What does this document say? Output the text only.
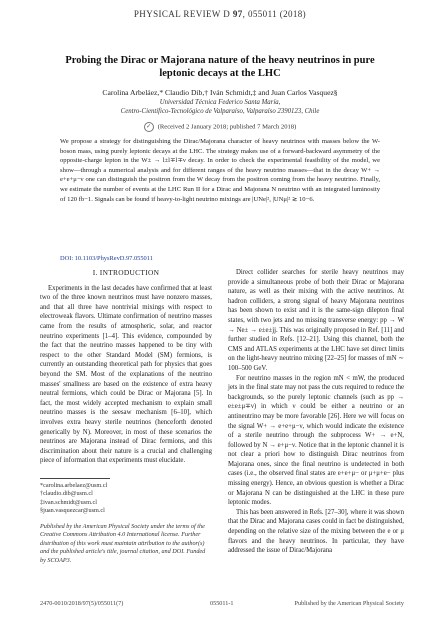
PHYSICAL REVIEW D 97, 055011 (2018)
Probing the Dirac or Majorana nature of the heavy neutrinos in pure leptonic decays at the LHC
Carolina Arbeláez,* Claudio Dib,† Iván Schmidt,‡ and Juan Carlos Vasquez§
Universidad Técnica Federico Santa María,
Centro-Científico-Tecnológico de Valparaíso, Valparaíso 2390123, Chile
✓ (Received 2 January 2018; published 7 March 2018)
We propose a strategy for distinguishing the Dirac/Majorana character of heavy neutrinos with masses below the W-boson mass, using purely leptonic decays at the LHC. The strategy makes use of a forward-backward asymmetry of the opposite-charge lepton in the W± → l±l∓l∓ν decay. In order to check the experimental feasibility of the model, we show—through a numerical analysis and for different ranges of the heavy neutrino masses—that in the decay W+ → e+e+μ−ν one can distinguish the positron from the W decay from the positron coming from the heavy neutrino. Finally, we estimate the number of events at the LHC Run II for a Dirac and Majorana N neutrino with an integrated luminosity of 120 fb−1. Signals can be found if heavy-to-light neutrino mixings are |UNe|², |UNμ|² ≳ 10−6.
DOI: 10.1103/PhysRevD.97.055011
I. INTRODUCTION

Experiments in the last decades have confirmed that at least two of the three known neutrinos must have nonzero masses, and that all three have nontrivial mixings with respect to electroweak flavors. Ultimate confirmation of neutrino masses came from the results of atmospheric, solar, and reactor neutrino experiments [1–4]. This evidence, compounded by the fact that the neutrino masses happened to be tiny with respect to the other Standard Model (SM) fermions, is currently an outstanding theoretical path for physics that goes beyond the SM. Most of the explanations of the neutrino masses' smallness are based on the existence of extra heavy neutral fermions, which could be Dirac or Majorana [5]. In fact, the most widely accepted mechanism to explain small neutrino masses is the seesaw mechanism [6–10], which involves extra heavy sterile neutrinos (henceforth denoted generically by N). Moreover, in most of these scenarios the neutrinos are Majorana instead of Dirac fermions, and this discrimination about their nature is a crucial and challenging piece of information that experiments must elucidate.

*carolina.arbelaez@usm.cl
†claudio.dib@usm.cl
‡ivan.schmidt@usm.cl
§juan.vasquezcar@usm.cl
Published by the American Physical Society under the terms of the Creative Commons Attribution 4.0 International license. Further distribution of this work must maintain attribution to the author(s) and the published article's title, journal citation, and DOI. Funded by SCOAP3.

Direct collider searches for sterile heavy neutrinos may provide a simultaneous probe of both their Dirac or Majorana nature, as well as their mixing with the active neutrinos. At hadron colliders, a strong signal of heavy Majorana neutrinos has been shown to exist and it is the same-sign dilepton final states, with two jets and no missing transverse energy: pp → W → Ne± → e±e±jj. This was originally proposed in Ref. [11] and further studied in Refs. [12–21]. Using this channel, both the CMS and ATLAS experiments at the LHC have set direct limits on the light-heavy neutrino mixing [22–25] for masses of mN ∼ 100–500 GeV.

For neutrino masses in the region mN < mW, the produced jets in the final state may not pass the cuts required to reduce the backgrounds, so the purely leptonic channels (such as pp → e±e±μ∓ν) in which ν could be either a neutrino or an antineutrino may be more favorable [26]. Here we will focus on the signal W+ → e+e+μ−ν, which would indicate the existence of a sterile neutrino through the subprocess W+ → e+N, followed by N → e+μ−ν. Notice that in the leptonic channel it is not clear a priori how to distinguish Dirac neutrinos from Majorana ones, since the final neutrino is undetected in both cases (i.e., the observed final states are e+e+μ− or μ+μ+e− plus missing energy). Hence, an obvious question is whether a Dirac or Majorana N can be distinguished at the LHC in these pure leptonic modes.

This has been answered in Refs. [27–30], where it was shown that the Dirac and Majorana cases could in fact be distinguished, depending on the relative size of the mixing between the e or μ flavors and the heavy neutrinos. In particular, they have addressed the issue of Dirac/Majorana

2470-0010/2018/97(5)/055011(7)	055011-1	Published by the American Physical Society
